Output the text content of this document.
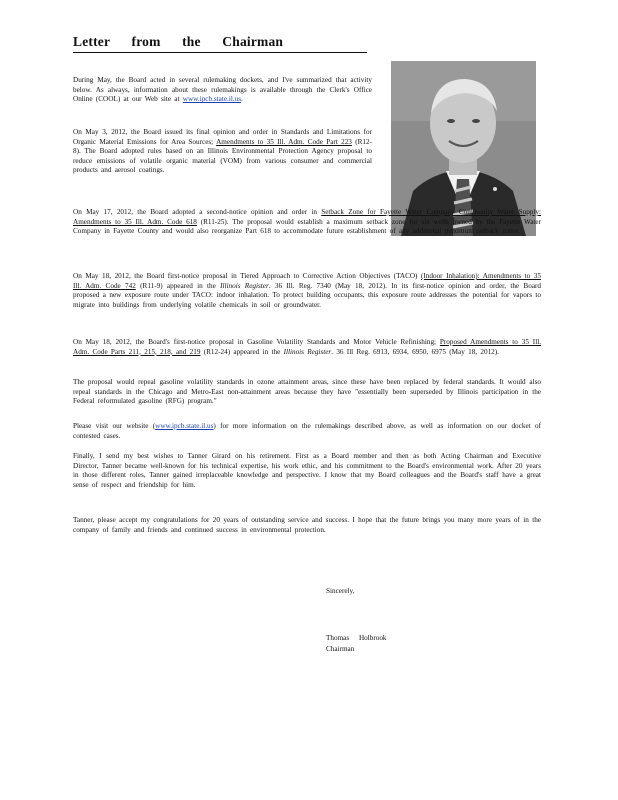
Letter from the Chairman

During May, the Board acted in several rulemaking dockets, and I've summarized that activity below. As always, information about these rulemakings is available through the Clerk's Office Online (COOL) at our Web site at www.ipcb.state.il.us.

On May 3, 2012, the Board issued its final opinion and order in Standards and Limitations for Organic Material Emissions for Area Sources; Amendments to 35 Ill. Adm. Code Part 223 (R12-8). The Board adopted rules based on an Illinois Environmental Protection Agency proposal to reduce emissions of volatile organic material (VOM) from various consumer and commercial products and aerosol coatings.

On May 17, 2012, the Board adopted a second-notice opinion and order in Setback Zone for Fayette Water Company Community Water Supply: Amendments to 35 Ill. Adm. Code 618 (R11-25). The proposal would establish a maximum setback zone for six wells owned by the Fayette Water Company in Fayette County and would also reorganize Part 618 to accommodate future establishment of any additional maximum setback zones.

On May 18, 2012, the Board first-notice proposal in Tiered Approach to Corrective Action Objectives (TACO) (Indoor Inhalation): Amendments to 35 Ill. Adm. Code 742 (R11-9) appeared in the Illinois Register. 36 Ill. Reg. 7340 (May 18, 2012). In its first-notice opinion and order, the Board proposed a new exposure route under TACO: indoor inhalation. To protect building occupants, this exposure route addresses the potential for vapors to migrate into buildings from underlying volatile chemicals in soil or groundwater.

On May 18, 2012, the Board's first-notice proposal in Gasoline Volatility Standards and Motor Vehicle Refinishing; Proposed Amendments to 35 Ill. Adm. Code Parts 211, 215, 218, and 219 (R12-24) appeared in the Illinois Register. 36 Ill Reg. 6913, 6934, 6950, 6975 (May 18, 2012).

The proposal would repeal gasoline volatility standards in ozone attainment areas, since these have been replaced by federal standards. It would also repeal standards in the Chicago and Metro-East non-attainment areas because they have "essentially been superseded by Illinois participation in the Federal reformulated gasoline (RFG) program."

Please visit our website (www.ipcb.state.il.us) for more information on the rulemakings described above, as well as information on our docket of contested cases.

Finally, I send my best wishes to Tanner Girard on his retirement. First as a Board member and then as both Acting Chairman and Executive Director, Tanner became well-known for his technical expertise, his work ethic, and his commitment to the Board's environmental work. After 20 years in those different roles, Tanner gained irreplaceable knowledge and perspective. I know that my Board colleagues and the Board's staff have a great sense of respect and friendship for him.

Tanner, please accept my congratulations for 20 years of outstanding service and success. I hope that the future brings you many more years of in the company of family and friends and continued success in environmental protection.

Sincerely,
Thomas Holbrook
Chairman
